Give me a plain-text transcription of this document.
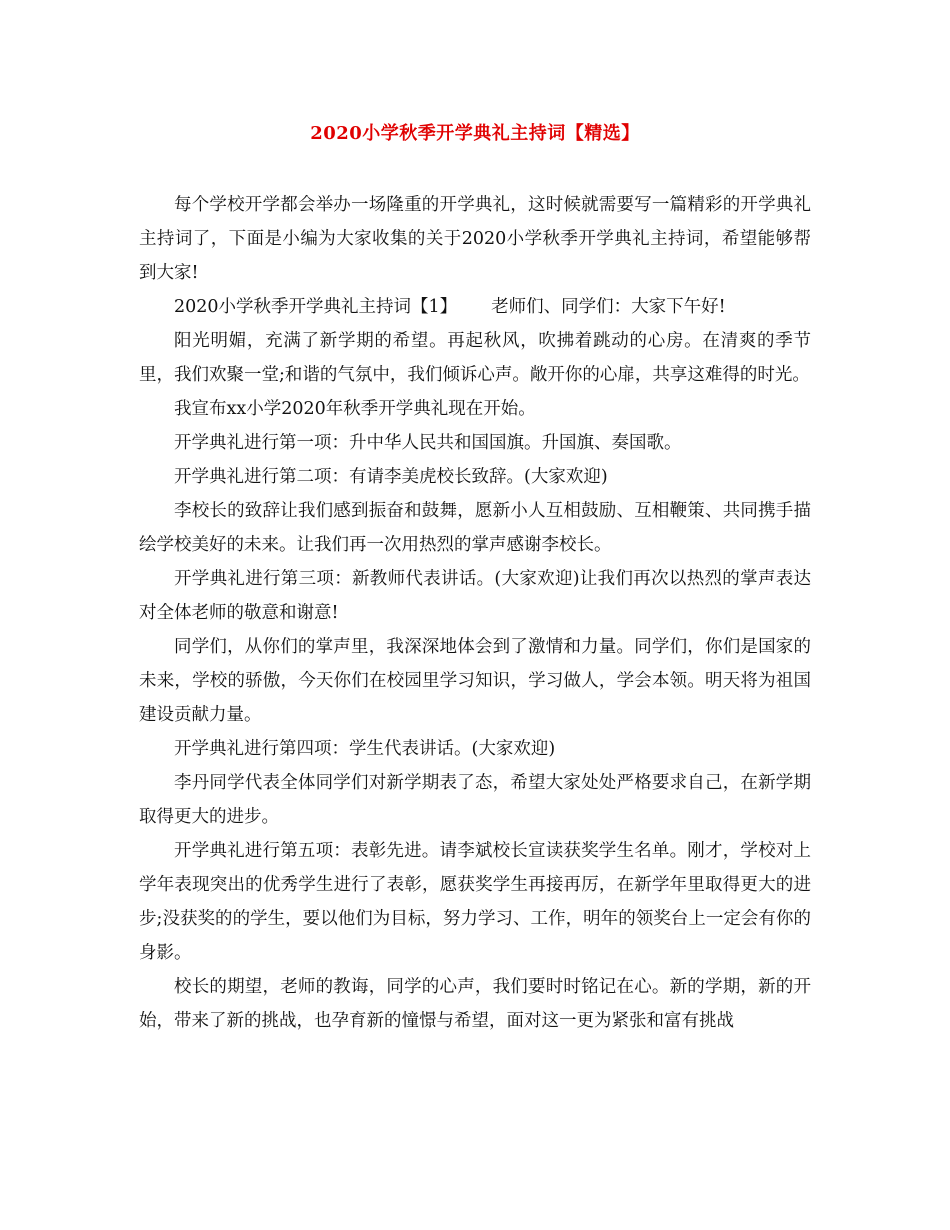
2020小学秋季开学典礼主持词【精选】

每个学校开学都会举办一场隆重的开学典礼，这时候就需要写一篇精彩的开学典礼主持词了，下面是小编为大家收集的关于2020小学秋季开学典礼主持词，希望能够帮到大家!

2020小学秋季开学典礼主持词【1】 老师们、同学们：大家下午好!

阳光明媚，充满了新学期的希望。再起秋风，吹拂着跳动的心房。在清爽的季节里，我们欢聚一堂;和谐的气氛中，我们倾诉心声。敞开你的心扉，共享这难得的时光。

我宣布xx小学2020年秋季开学典礼现在开始。

开学典礼进行第一项：升中华人民共和国国旗。升国旗、奏国歌。

开学典礼进行第二项：有请李美虎校长致辞。(大家欢迎)

李校长的致辞让我们感到振奋和鼓舞，愿新小人互相鼓励、互相鞭策、共同携手描绘学校美好的未来。让我们再一次用热烈的掌声感谢李校长。

开学典礼进行第三项：新教师代表讲话。(大家欢迎)让我们再次以热烈的掌声表达对全体老师的敬意和谢意!

同学们，从你们的掌声里，我深深地体会到了激情和力量。同学们，你们是国家的未来，学校的骄傲，今天你们在校园里学习知识，学习做人，学会本领。明天将为祖国建设贡献力量。

开学典礼进行第四项：学生代表讲话。(大家欢迎)

李丹同学代表全体同学们对新学期表了态，希望大家处处严格要求自己，在新学期取得更大的进步。

开学典礼进行第五项：表彰先进。请李斌校长宣读获奖学生名单。刚才，学校对上学年表现突出的优秀学生进行了表彰，愿获奖学生再接再厉，在新学年里取得更大的进步;没获奖的的学生，要以他们为目标，努力学习、工作，明年的领奖台上一定会有你的身影。

校长的期望，老师的教诲，同学的心声，我们要时时铭记在心。新的学期，新的开始，带来了新的挑战，也孕育新的憧憬与希望，面对这一更为紧张和富有挑战
